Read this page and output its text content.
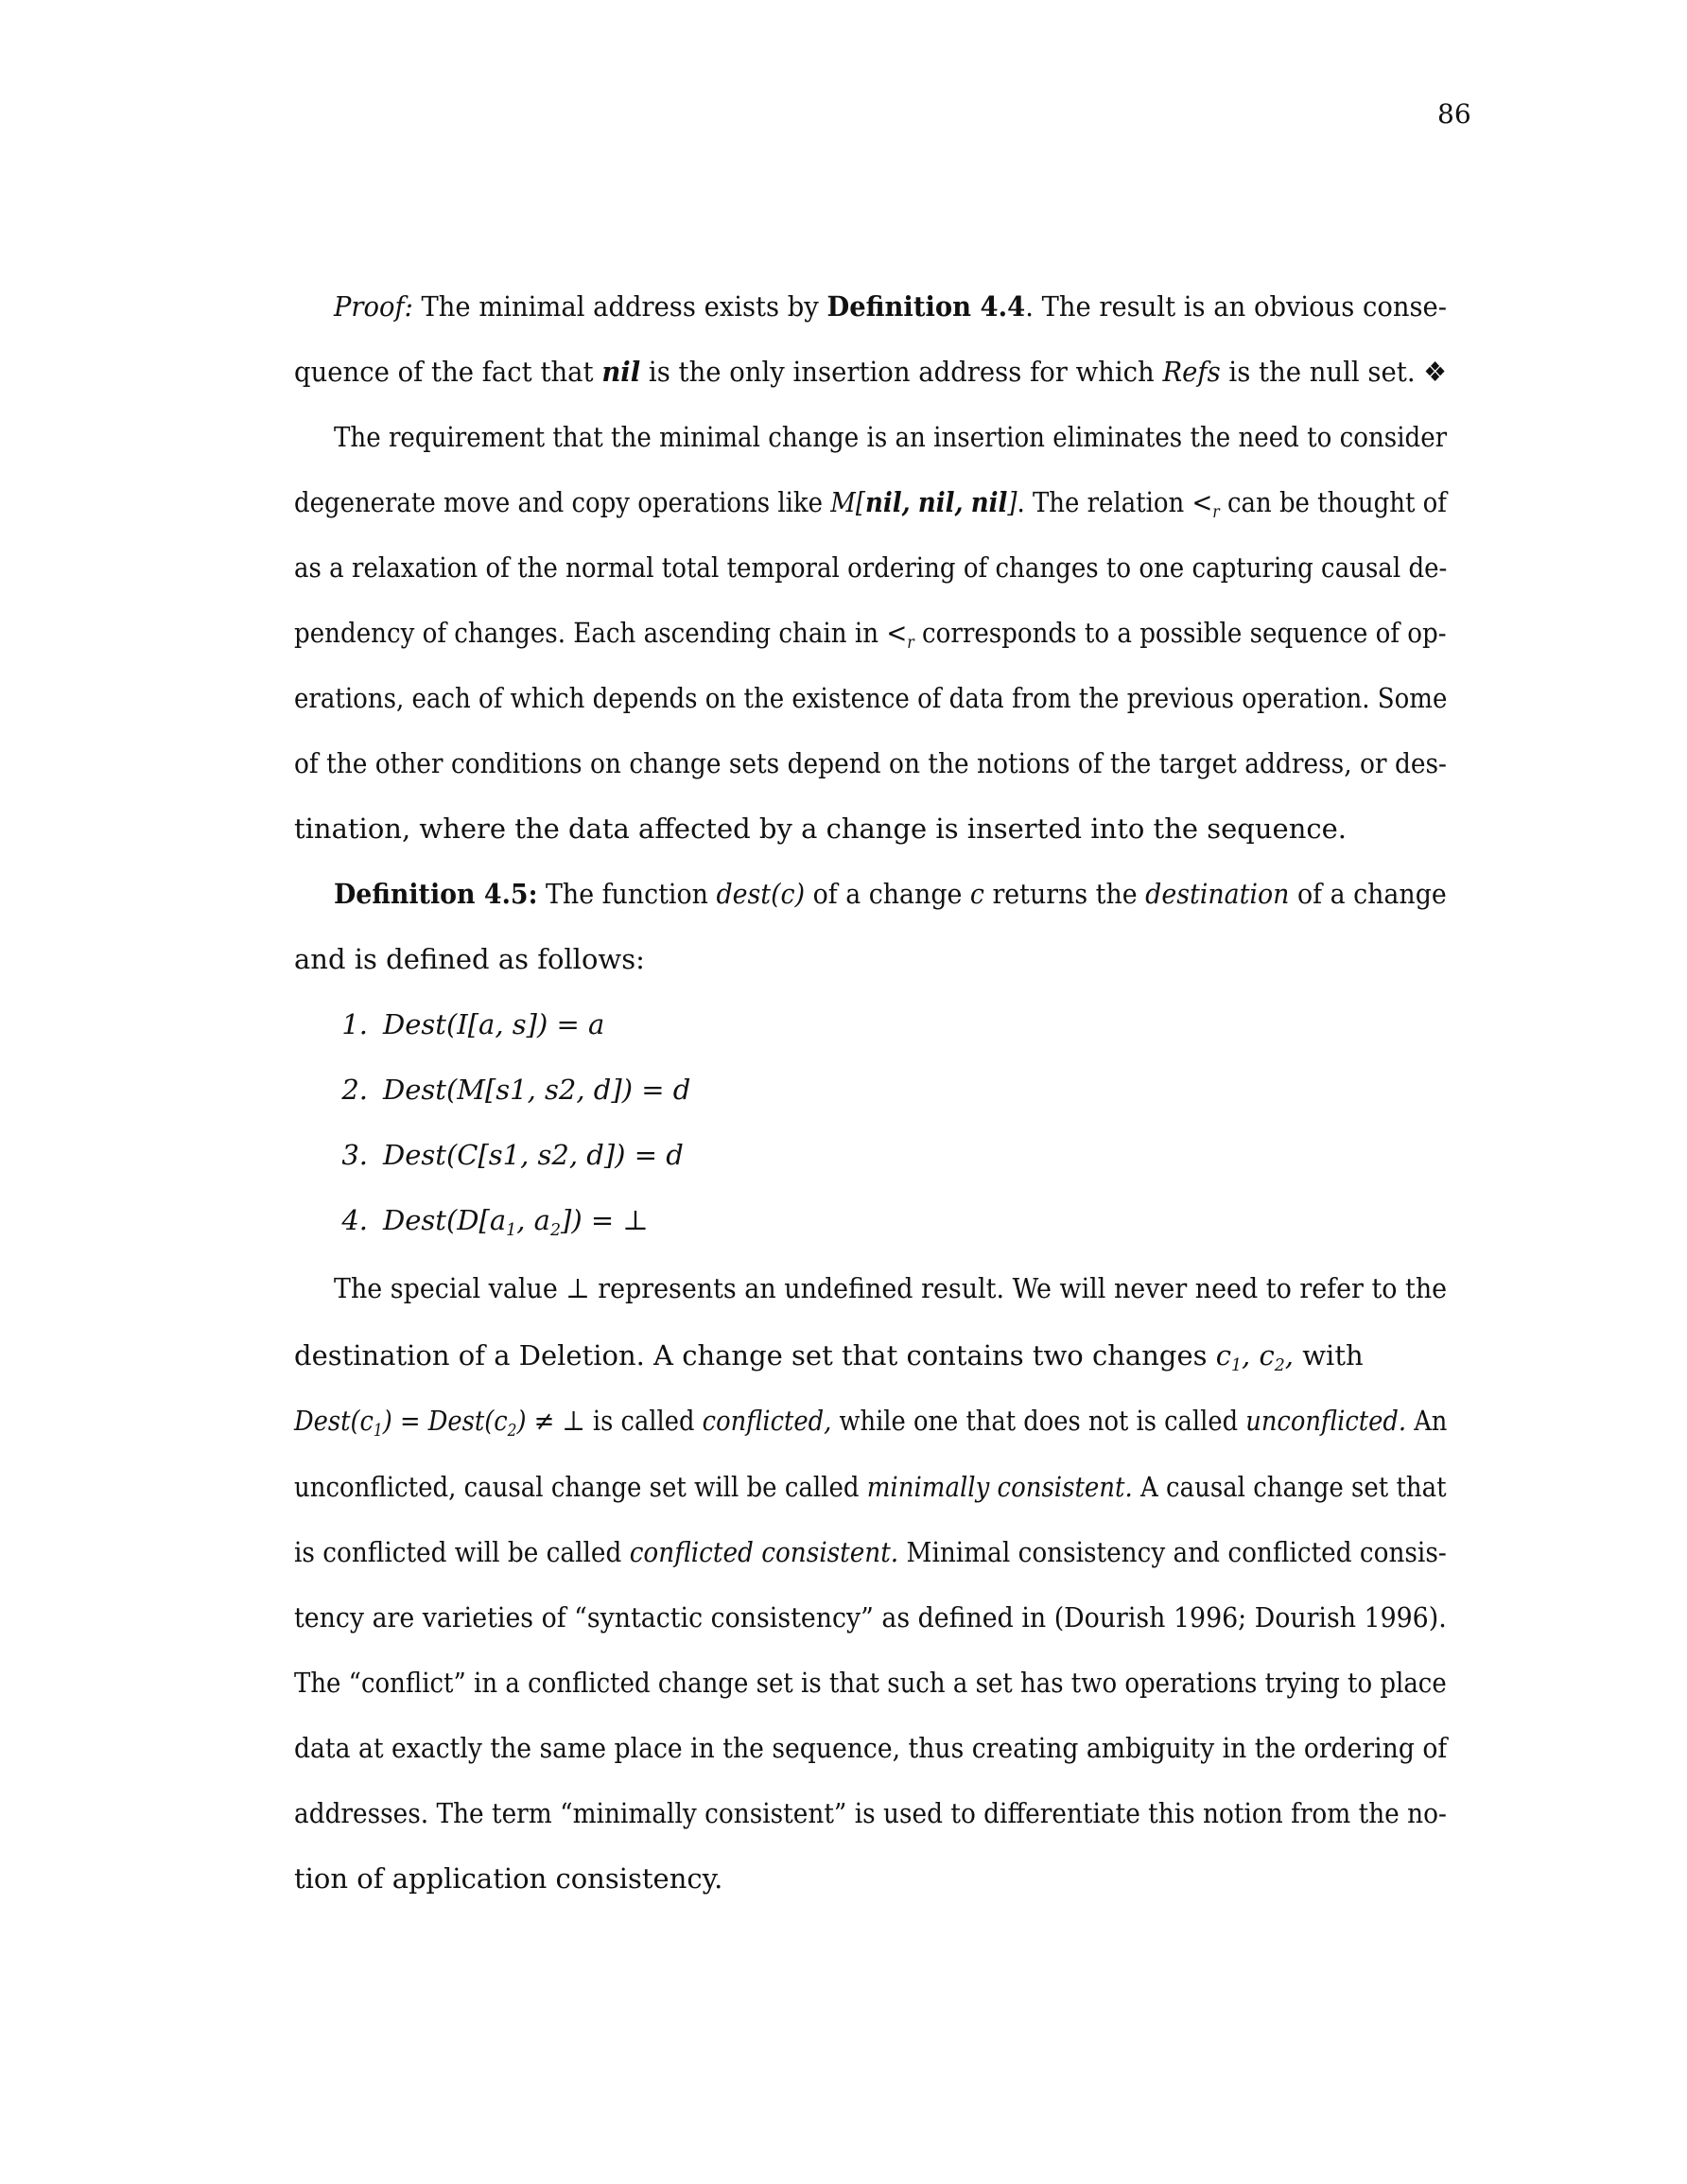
86
Proof: The minimal address exists by Definition 4.4. The result is an obvious conse-
quence of the fact that nil is the only insertion address for which Refs is the null set. ❖
The requirement that the minimal change is an insertion eliminates the need to consider
degenerate move and copy operations like M[nil, nil, nil]. The relation $<_r$ can be thought of
as a relaxation of the normal total temporal ordering of changes to one capturing causal de-
pendency of changes. Each ascending chain in $<_r$ corresponds to a possible sequence of op-
erations, each of which depends on the existence of data from the previous operation. Some
of the other conditions on change sets depend on the notions of the target address, or des-
tination, where the data affected by a change is inserted into the sequence.
Definition 4.5: The function dest(c) of a change c returns the destination of a change
and is defined as follows:
1. Dest(I[a, s]) = a
2. Dest(M[s1, s2, d]) = d
3. Dest(C[s1, s2, d]) = d
4. $Dest(D[a_1$, $a_2$]) = ⊥
The special value ⊥ represents an undefined result. We will never need to refer to the
destination of a Deletion. A change set that contains two changes $c_1$, $c_2$, with
$Dest(c_1)$ = $Dest(c_2)$ ≠ ⊥ is called conflicted, while one that does not is called unconflicted. An
unconflicted, causal change set will be called minimally consistent. A causal change set that
is conflicted will be called conflicted consistent. Minimal consistency and conflicted consis-
tency are varieties of “syntactic consistency” as defined in (Dourish 1996; Dourish 1996).
The “conflict” in a conflicted change set is that such a set has two operations trying to place
data at exactly the same place in the sequence, thus creating ambiguity in the ordering of
addresses. The term “minimally consistent” is used to differentiate this notion from the no-
tion of application consistency.
